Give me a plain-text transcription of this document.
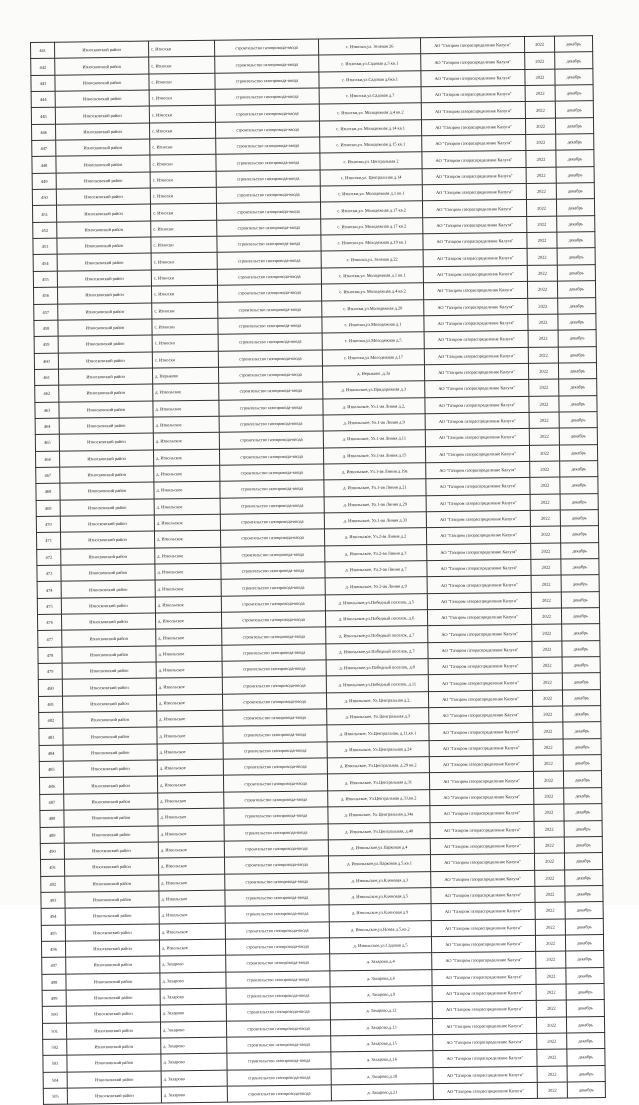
441	Износковский район	с. Износки	строительство газопровода-ввода	с. Износки,ул. Зеленая 26	АО "Газпром газораспределение Калуга"	2022	декабрь
442	Износковский район	с. Износки	строительство газопровода-ввода	с. Износки,ул.Садовая д.5 кв.1	АО "Газпром газораспределение Калуга"	2022	декабрь
443	Износковский район	с. Износки	строительство газопровода-ввода	с. Износки,ул.Садовая д.6кв.1	АО "Газпром газораспределение Калуга"	2022	декабрь
444	Износковский район	с. Износки	строительство газопровода-ввода	с. Износки,ул.Садовая д.7	АО "Газпром газораспределение Калуга"	2022	декабрь
445	Износковский район	с. Износки	строительство газопровода-ввода	с. Износки,ул. Молодежная д.4 кв.2	АО "Газпром газораспределение Калуга"	2022	декабрь
446	Износковский район	с. Износки	строительство газопровода-ввода	с. Износки,ул. Молодежная д.14 кв.1	АО "Газпром газораспределение Калуга"	2022	декабрь
447	Износковский район	с. Износки	строительство газопровода-ввода	с. Износки,ул. Молодежная д.15 кв.1	АО "Газпром газораспределение Калуга"	2022	декабрь
448	Износковский район	с. Износки	строительство газопровода-ввода	с. Износки,ул. Центральная 2	АО "Газпром газораспределение Калуга"	2022	декабрь
449	Износковский район	с. Износки	строительство газопровода-ввода	с. Износки,ул. Центральная д.14	АО "Газпром газораспределение Калуга"	2022	декабрь
450	Износковский район	с. Износки	строительство газопровода-ввода	с. Износки,ул. Молодежная д.1 кв.1	АО "Газпром газораспределение Калуга"	2022	декабрь
451	Износковский район	с. Износки	строительство газопровода-ввода	с. Износки,ул. Молодежная д.17 кв.2	АО "Газпром газораспределение Калуга"	2022	декабрь
452	Износковский район	с. Износки	строительство газопровода-ввода	с. Износки,ул. Молодежная д.17 кв.2	АО "Газпром газораспределение Калуга"	2022	декабрь
453	Износковский район	с. Износки	строительство газопровода-ввода	с. Износки,ул. Молодежная д.19 кв.1	АО "Газпром газораспределение Калуга"	2022	декабрь
454	Износковский район	с. Износки	строительство газопровода-ввода	с. Износки,ул. Зеленая д.22	АО "Газпром газораспределение Калуга"	2022	декабрь
455	Износковский район	с. Износки	строительство газопровода-ввода	с. Износки,ул. Молодежная д.1 кв.1	АО "Газпром газораспределение Калуга"	2022	декабрь
456	Износковский район	с. Износки	строительство газопровода-ввода	с. Износки,ул. Молодежная д.4 кв.2	АО "Газпром газораспределение Калуга"	2022	декабрь
457	Износковский район	с. Износки	строительство газопровода-ввода	с. Износки,ул.Молодежная д.20	АО "Газпром газораспределение Калуга"	2022	декабрь
458	Износковский район	с. Износки	строительство газопровода-ввода	с. Износки,ул.Молодежная д.1	АО "Газпром газораспределение Калуга"	2022	декабрь
459	Износковский район	с. Износки	строительство газопровода-ввода	с. Износки,ул.Молодежная д.5	АО "Газпром газораспределение Калуга"	2022	декабрь
460	Износковский район	с. Износки	строительство газопровода-ввода	с. Износки,ул.Молодежная д.17	АО "Газпром газораспределение Калуга"	2022	декабрь
461	Износковский район	д. Нерыково	строительство газопровода-ввода	д. Нерыково ,д.3а	АО "Газпром газораспределение Калуга"	2022	декабрь
462	Износковский район	д. Извольское	строительство газопровода-ввода	д. Извольское,ул.Придорожная д.3	АО "Газпром газораспределение Калуга"	2022	декабрь
463	Износковский район	д. Извольское	строительство газопровода-ввода	д. Извольское, Ул.1-ая Линия д.2,	АО "Газпром газораспределение Калуга"	2022	декабрь
464	Износковский район	д. Извольское	строительство газопровода-ввода	д. Извольское, Ул.1-ая Линия д.9	АО "Газпром газораспределение Калуга"	2022	декабрь
465	Износковский район	д. Извольское	строительство газопровода-ввода	д. Извольское, Ул.1-ая Линия д.11	АО "Газпром газораспределение Калуга"	2022	декабрь
466	Износковский район	д. Извольское	строительство газопровода-ввода	д. Извольское, Ул.1-ая Линия д.15	АО "Газпром газораспределение Калуга"	2022	декабрь
467	Износковский район	д. Извольское	строительство газопровода-ввода	д. Извольское, Ул.1-ая Линия д.19а	АО "Газпром газораспределение Калуга"	2022	декабрь
468	Износковский район	д. Извольское	строительство газопровода-ввода	д. Извольское, Ул.1-ая Линия д.21	АО "Газпром газораспределение Калуга"	2022	декабрь
469	Износковский район	д. Извольское	строительство газопровода-ввода	д. Извольское, Ул.1-ая Линия д.29	АО "Газпром газораспределение Калуга"	2022	декабрь
470	Износковский район	д. Извольское	строительство газопровода-ввода	д. Извольское, Ул.1-ая Линия д.33	АО "Газпром газораспределение Калуга"	2022	декабрь
471	Износковский район	д. Извольское	строительство газопровода-ввода	д. Извольское, Ул.2-ая Линия д.2	АО "Газпром газораспределение Калуга"	2022	декабрь
472	Износковский район	д. Извольское	строительство газопровода-ввода	д. Извольское, Ул.2-ая Линия д.3	АО "Газпром газораспределение Калуга"	2022	декабрь
473	Износковский район	д. Извольское	строительство газопровода-ввода	д. Извольское, Ул.2-ая Линия д.7	АО "Газпром газораспределение Калуга"	2022	декабрь
474	Износковский район	д. Извольское	строительство газопровода-ввода	д. Извольское, Ул.2-ая Линия д.9	АО "Газпром газораспределение Калуга"	2022	декабрь
475	Износковский район	д. Извольское	строительство газопровода-ввода	д. Извольское,ул.Победный поселок, д.5	АО "Газпром газораспределение Калуга"	2022	декабрь
476	Износковский район	д. Извольское	строительство газопровода-ввода	д. Извольское,ул.Победный поселок, д.6	АО "Газпром газораспределение Калуга"	2022	декабрь
477	Износковский район	д. Извольское	строительство газопровода-ввода	д. Извольское,ул.Победный поселок, д.7	АО "Газпром газораспределение Калуга"	2022	декабрь
478	Износковский район	д. Извольское	строительство газопровода-ввода	д. Извольское,ул.Победный поселок, д.7	АО "Газпром газораспределение Калуга"	2022	декабрь
479	Износковский район	д. Извольское	строительство газопровода-ввода	д. Извольское,ул.Победный поселок, д.8	АО "Газпром газораспределение Калуга"	2022	декабрь
480	Износковский район	д. Извольское	строительство газопровода-ввода	д. Извольское,ул.Победный поселок, д.11	АО "Газпром газораспределение Калуга"	2022	декабрь
481	Износковский район	д. Извольское	строительство газопровода-ввода	д. Извольское, Ул.Центральная д.2,	АО "Газпром газораспределение Калуга"	2022	декабрь
482	Износковский район	д. Извольское	строительство газопровода-ввода	д. Извольское, Ул.Центральная д.3	АО "Газпром газораспределение Калуга"	2022	декабрь
483	Износковский район	д. Извольское	строительство газопровода-ввода	д. Извольское, Ул.Центральная, д.11,кв.1	АО "Газпром газораспределение Калуга"	2022	декабрь
484	Износковский район	д. Извольское	строительство газопровода-ввода	д. Извольское, Ул.Центральная д.24	АО "Газпром газораспределение Калуга"	2022	декабрь
485	Износковский район	д. Извольское	строительство газопровода-ввода	д. Извольское, Ул.Центральная, д.29 кв.2	АО "Газпром газораспределение Калуга"	2022	декабрь
486	Износковский район	д. Извольское	строительство газопровода-ввода	д. Извольское, Ул.Центральная д.31	АО "Газпром газораспределение Калуга"	2022	декабрь
487	Износковский район	д. Извольское	строительство газопровода-ввода	д. Извольское, Ул.Центральная д.33,кв.2	АО "Газпром газораспределение Калуга"	2022	декабрь
488	Износковский район	д. Извольское	строительство газопровода-ввода	д. Извольское, Ул.Центральная д.34а	АО "Газпром газораспределение Калуга"	2022	декабрь
489	Износковский район	д. Извольское	строительство газопровода-ввода	д. Извольское, Ул.Центральная, д.40	АО "Газпром газораспределение Калуга"	2022	декабрь
490	Износковский район	д. Извольское	строительство газопровода-ввода	д. Извольское,ул.Парковая д.4	АО "Газпром газораспределение Калуга"	2022	декабрь
491	Износковский район	д. Извольское	строительство газопровода-ввода	д. Извольское,ул.Парковая д.5,кв.1	АО "Газпром газораспределение Калуга"	2022	декабрь
492	Износковский район	д. Извольское	строительство газопровода-ввода	д. Извольское,ул.Кленовая д.3	АО "Газпром газораспределение Калуга"	2022	декабрь
493	Износковский район	д. Извольское	строительство газопровода-ввода	д. Извольское,ул.Кленовая д.5	АО "Газпром газораспределение Калуга"	2022	декабрь
494	Износковский район	д. Извольское	строительство газопровода-ввода	д. Извольское,ул.Кленовая д.9	АО "Газпром газораспределение Калуга"	2022	декабрь
495	Износковский район	д. Извольское	строительство газопровода-ввода	д. Извольское,ул.Новая д.5,кв.2	АО "Газпром газораспределение Калуга"	2022	декабрь
496	Износковский район	д. Извольское	строительство газопровода-ввода	д. Извольское,ул.Садовая д.5	АО "Газпром газораспределение Калуга"	2022	декабрь
497	Износковский район	д. Захарово	строительство газопровода-ввода	д. Захарово,д.4	АО "Газпром газораспределение Калуга"	2022	декабрь
498	Износковский район	д. Захарово	строительство газопровода-ввода	д. Захарово,д.6	АО "Газпром газораспределение Калуга"	2022	декабрь
499	Износковский район	д. Захарово	строительство газопровода-ввода	д. Захарово,д.9	АО "Газпром газораспределение Калуга"	2022	декабрь
500	Износковский район	д. Захарово	строительство газопровода-ввода	д. Захарово,д.12	АО "Газпром газораспределение Калуга"	2022	декабрь
501	Износковский район	д. Захарово	строительство газопровода-ввода	д. Захарово,д.13	АО "Газпром газораспределение Калуга"	2022	декабрь
502	Износковский район	д. Захарово	строительство газопровода-ввода	д. Захарово,д.15	АО "Газпром газораспределение Калуга"	2022	декабрь
503	Износковский район	д. Захарово	строительство газопровода-ввода	д. Захарово,д.16	АО "Газпром газораспределение Калуга"	2022	декабрь
504	Износковский район	д. Захарово	строительство газопровода-ввода	д. Захарово,д.18	АО "Газпром газораспределение Калуга"	2022	декабрь
505	Износковский район	д. Захарово	строительство газопровода-ввода	д. Захарово,д.21	АО "Газпром газораспределение Калуга"	2022	декабрь
